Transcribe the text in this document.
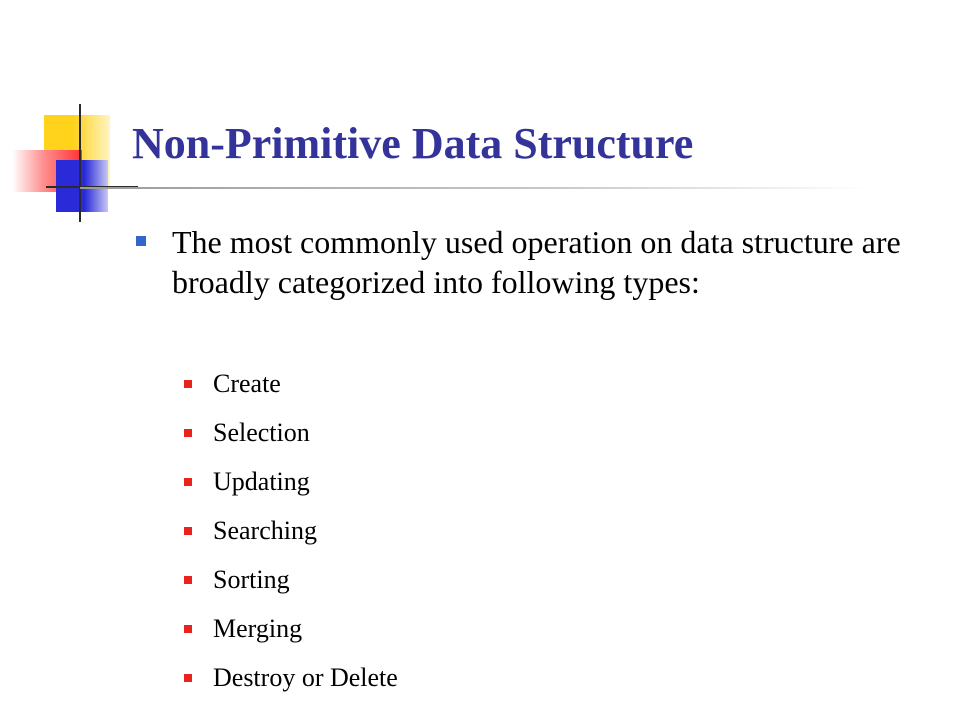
Non-Primitive Data Structure

The most commonly used operation on data structure are broadly categorized into following types:

Create
Selection
Updating
Searching
Sorting
Merging
Destroy or Delete
